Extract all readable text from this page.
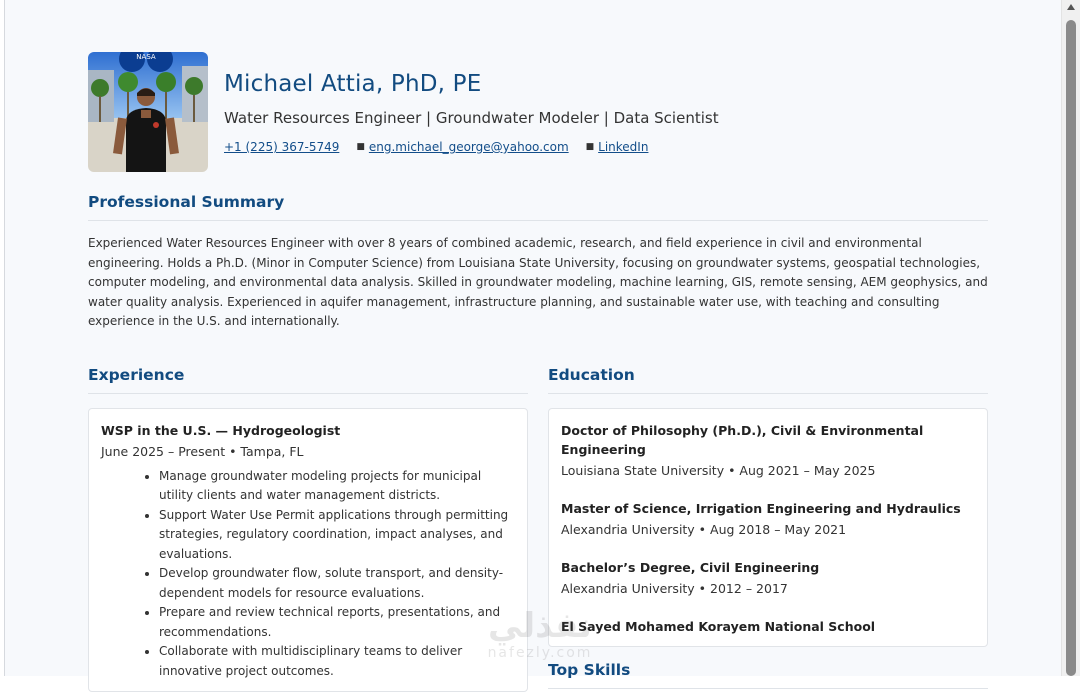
NASA
Michael Attia, PhD, PE
Water Resources Engineer | Groundwater Modeler | Data Scientist
+1 (225) 367-5749 ■ eng.michael_george@yahoo.com ■ LinkedIn
Professional Summary
Experienced Water Resources Engineer with over 8 years of combined academic, research, and field experience in civil and environmental engineering. Holds a Ph.D. (Minor in Computer Science) from Louisiana State University, focusing on groundwater systems, geospatial technologies, computer modeling, and environmental data analysis. Skilled in groundwater modeling, machine learning, GIS, remote sensing, AEM geophysics, and water quality analysis. Experienced in aquifer management, infrastructure planning, and sustainable water use, with teaching and consulting experience in the U.S. and internationally.
Experience
WSP in the U.S. — Hydrogeologist
June 2025 – Present • Tampa, FL
• Manage groundwater modeling projects for municipal utility clients and water management districts.
• Support Water Use Permit applications through permitting strategies, regulatory coordination, impact analyses, and evaluations.
• Develop groundwater flow, solute transport, and density-dependent models for resource evaluations.
• Prepare and review technical reports, presentations, and recommendations.
• Collaborate with multidisciplinary teams to deliver innovative project outcomes.
Education
Doctor of Philosophy (Ph.D.), Civil & Environmental Engineering
Louisiana State University • Aug 2021 – May 2025
Master of Science, Irrigation Engineering and Hydraulics
Alexandria University • Aug 2018 – May 2021
Bachelor’s Degree, Civil Engineering
Alexandria University • 2012 – 2017
El Sayed Mohamed Korayem National School
Top Skills
نفذلي
nafezly.com
